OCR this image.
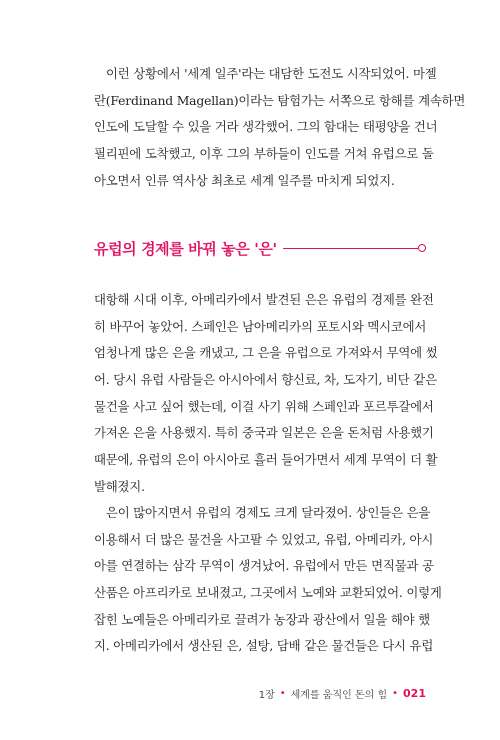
이런 상황에서 '세계 일주'라는 대담한 도전도 시작되었어. 마젤
란(Ferdinand Magellan)이라는 탐험가는 서쪽으로 항해를 계속하면
인도에 도달할 수 있을 거라 생각했어. 그의 함대는 태평양을 건너
필리핀에 도착했고, 이후 그의 부하들이 인도를 거쳐 유럽으로 돌
아오면서 인류 역사상 최초로 세계 일주를 마치게 되었지.
유럽의 경제를 바꿔 놓은 '은'
대항해 시대 이후, 아메리카에서 발견된 은은 유럽의 경제를 완전
히 바꾸어 놓았어. 스페인은 남아메리카의 포토시와 멕시코에서
엄청나게 많은 은을 캐냈고, 그 은을 유럽으로 가져와서 무역에 썼
어. 당시 유럽 사람들은 아시아에서 향신료, 차, 도자기, 비단 같은
물건을 사고 싶어 했는데, 이걸 사기 위해 스페인과 포르투갈에서
가져온 은을 사용했지. 특히 중국과 일본은 은을 돈처럼 사용했기
때문에, 유럽의 은이 아시아로 흘러 들어가면서 세계 무역이 더 활
발해졌지.
은이 많아지면서 유럽의 경제도 크게 달라졌어. 상인들은 은을
이용해서 더 많은 물건을 사고팔 수 있었고, 유럽, 아메리카, 아시
아를 연결하는 삼각 무역이 생겨났어. 유럽에서 만든 면직물과 공
산품은 아프리카로 보내졌고, 그곳에서 노예와 교환되었어. 이렇게
잡힌 노예들은 아메리카로 끌려가 농장과 광산에서 일을 해야 했
지. 아메리카에서 생산된 은, 설탕, 담배 같은 물건들은 다시 유럽
1장 • 세계를 움직인 돈의 힘 • 021
